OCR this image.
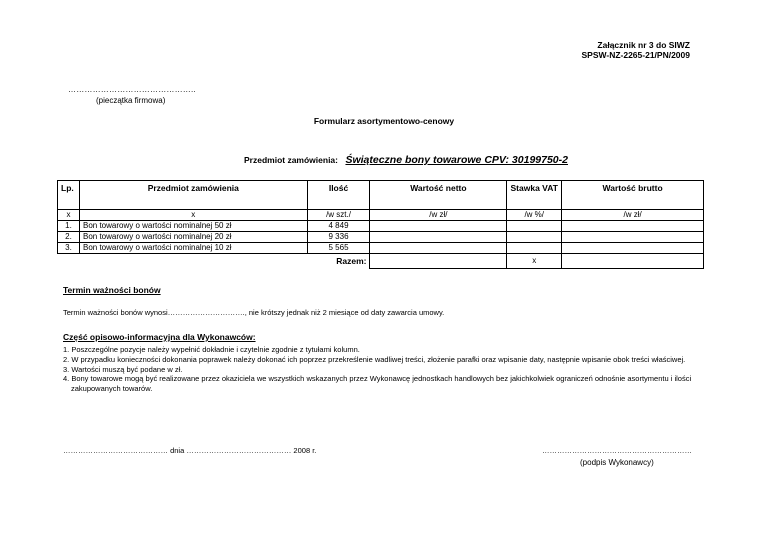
Załącznik nr 3 do SIWZ
SPSW-NZ-2265-21/PN/2009
………………………………………..
(pieczątka firmowa)
Formularz asortymentowo-cenowy
Przedmiot zamówienia: Świąteczne bony towarowe CPV: 30199750-2
Lp.	Przedmiot zamówienia	Ilość	Wartość netto	Stawka VAT	Wartość brutto
x	x	/w szt./	/w zł/	/w %/	/w zł/
1.	Bon towarowy o wartości nominalnej 50 zł	4 849			
2.	Bon towarowy o wartości nominalnej 20 zł	9 336			
3.	Bon towarowy o wartości nominalnej 10 zł	5 565			
		Razem:		x	
Termin ważności bonów
Termin ważności bonów wynosi…………………………., nie krótszy jednak niż 2 miesiące od daty zawarcia umowy.
Część opisowo-informacyjna dla Wykonawców:
1. Poszczególne pozycje należy wypełnić dokładnie i czytelnie zgodnie z tytułami kolumn.
2. W przypadku konieczności dokonania poprawek należy dokonać ich poprzez przekreślenie wadliwej treści, złożenie parafki oraz wpisanie daty, następnie wpisanie obok treści właściwej.
3. Wartości muszą być podane w zł.
4. Bony towarowe mogą być realizowane przez okaziciela we wszystkich wskazanych przez Wykonawcę jednostkach handlowych bez jakichkolwiek ograniczeń odnośnie asortymentu i ilości
zakupowanych towarów.
…………………………………… dnia …………………………………… 2008 r.	……………………………………………………
(podpis Wykonawcy)
